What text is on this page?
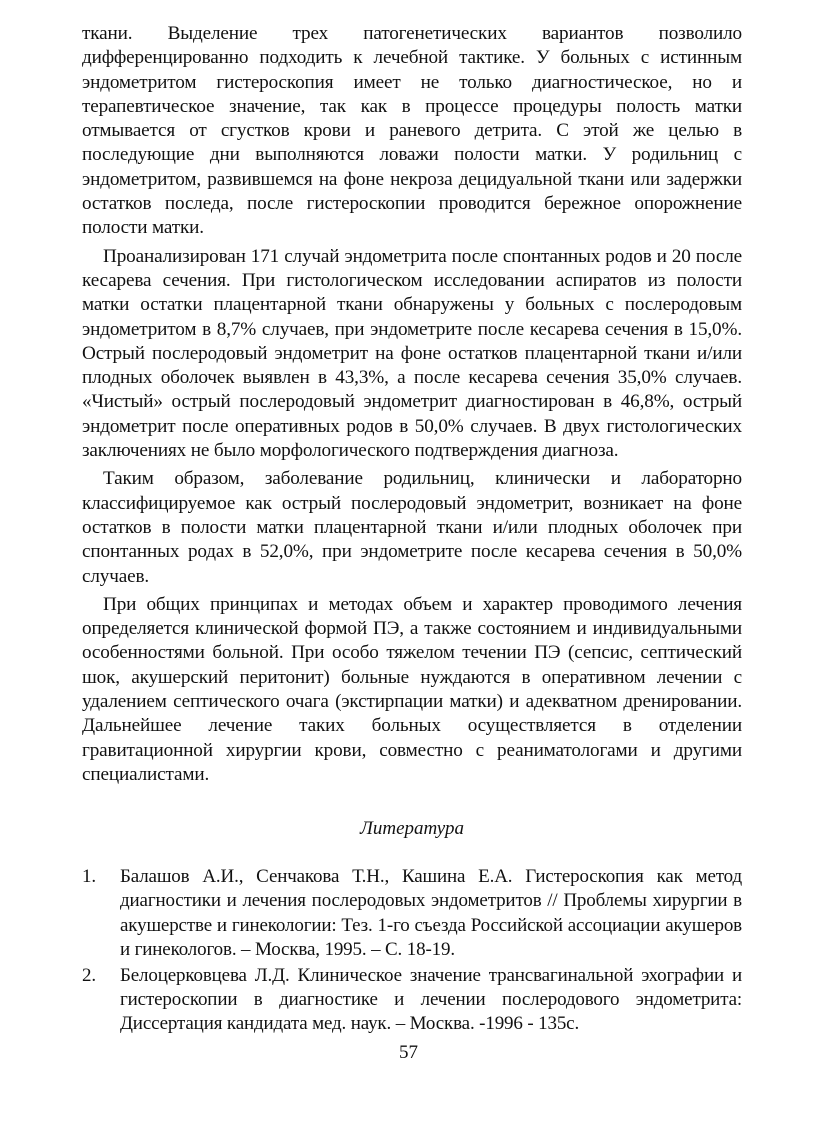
ткани. Выделение трех патогенетических вариантов позволило дифференцированно подходить к лечебной тактике. У больных с истинным эндометритом гистероскопия имеет не только диагностическое, но и терапевтическое значение, так как в процессе процедуры полость матки отмывается от сгустков крови и раневого детрита. С этой же целью в последующие дни выполняются ловажи полости матки. У родильниц с эндометритом, развившемся на фоне некроза децидуальной ткани или задержки остатков последа, после гистероскопии проводится бережное опорожнение полости матки.

Проанализирован 171 случай эндометрита после спонтанных родов и 20 после кесарева сечения. При гистологическом исследовании аспиратов из полости матки остатки плацентарной ткани обнаружены у больных с послеродовым эндометритом в 8,7% случаев, при эндометрите после кесарева сечения в 15,0%. Острый послеродовый эндометрит на фоне остатков плацентарной ткани и/или плодных оболочек выявлен в 43,3%, а после кесарева сечения 35,0% случаев. «Чистый» острый послеродовый эндометрит диагностирован в 46,8%, острый эндометрит после оперативных родов в 50,0% случаев. В двух гистологических заключениях не было морфологического подтверждения диагноза.

Таким образом, заболевание родильниц, клинически и лабораторно классифицируемое как острый послеродовый эндометрит, возникает на фоне остатков в полости матки плацентарной ткани и/или плодных оболочек при спонтанных родах в 52,0%, при эндометрите после кесарева сечения в 50,0% случаев.

При общих принципах и методах объем и характер проводимого лечения определяется клинической формой ПЭ, а также состоянием и индивидуальными особенностями больной. При особо тяжелом течении ПЭ (сепсис, септический шок, акушерский перитонит) больные нуждаются в оперативном лечении с удалением септического очага (экстирпации матки) и адекватном дренировании. Дальнейшее лечение таких больных осуществляется в отделении гравитационной хирургии крови, совместно с реаниматологами и другими специалистами.

Литература
1. Балашов А.И., Сенчакова Т.Н., Кашина Е.А. Гистероскопия как метод диагностики и лечения послеродовых эндометритов // Проблемы хирургии в акушерстве и гинекологии: Тез. 1-го съезда Российской ассоциации акушеров и гинекологов. – Москва, 1995. – С. 18-19.
2. Белоцерковцева Л.Д. Клиническое значение трансвагинальной эхографии и гистероскопии в диагностике и лечении послеродового эндометрита: Диссертация кандидата мед. наук. – Москва. -1996 - 135с.
57
